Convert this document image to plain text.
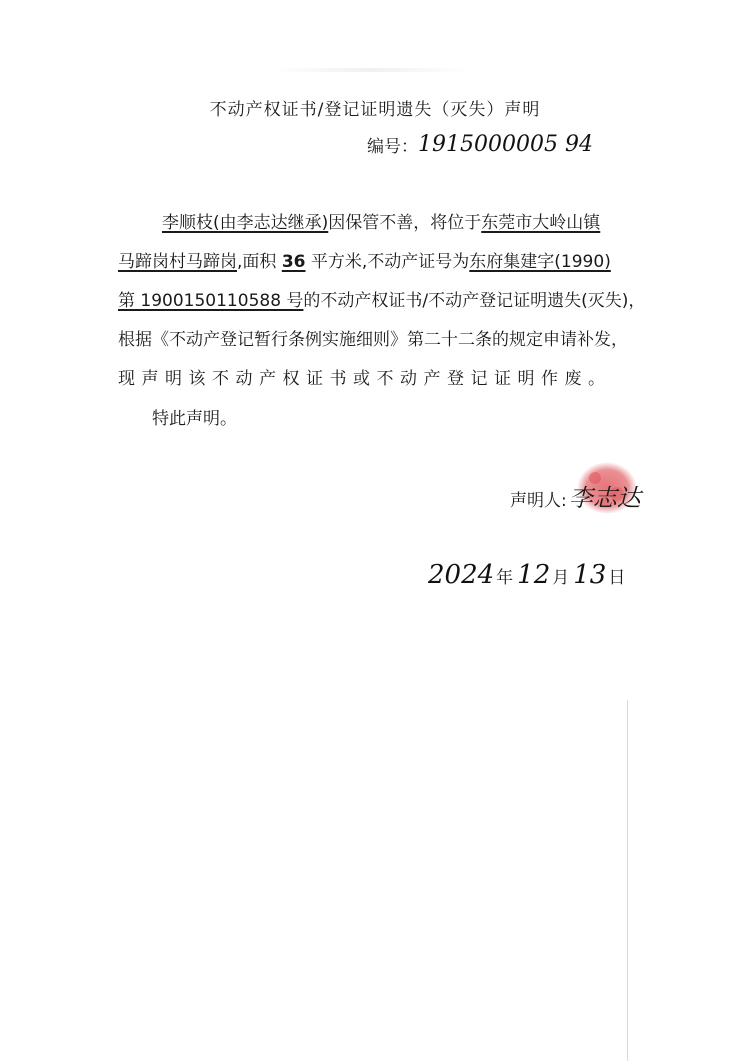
不动产权证书/登记证明遗失（灭失）声明
编号：1915000005 94
李顺枝(由李志达继承)因保管不善，将位于东莞市大岭山镇
马蹄岗村马蹄岗,面积 36 平方米,不动产证号为东府集建字(1990)
第 1900150110588 号的不动产权证书/不动产登记证明遗失(灭失)，
根据《不动产登记暂行条例实施细则》第二十二条的规定申请补发，
现声明该不动产权证书或不动产登记证明作废。
特此声明。
声明人:李志达
2024 年 12 月 13 日
